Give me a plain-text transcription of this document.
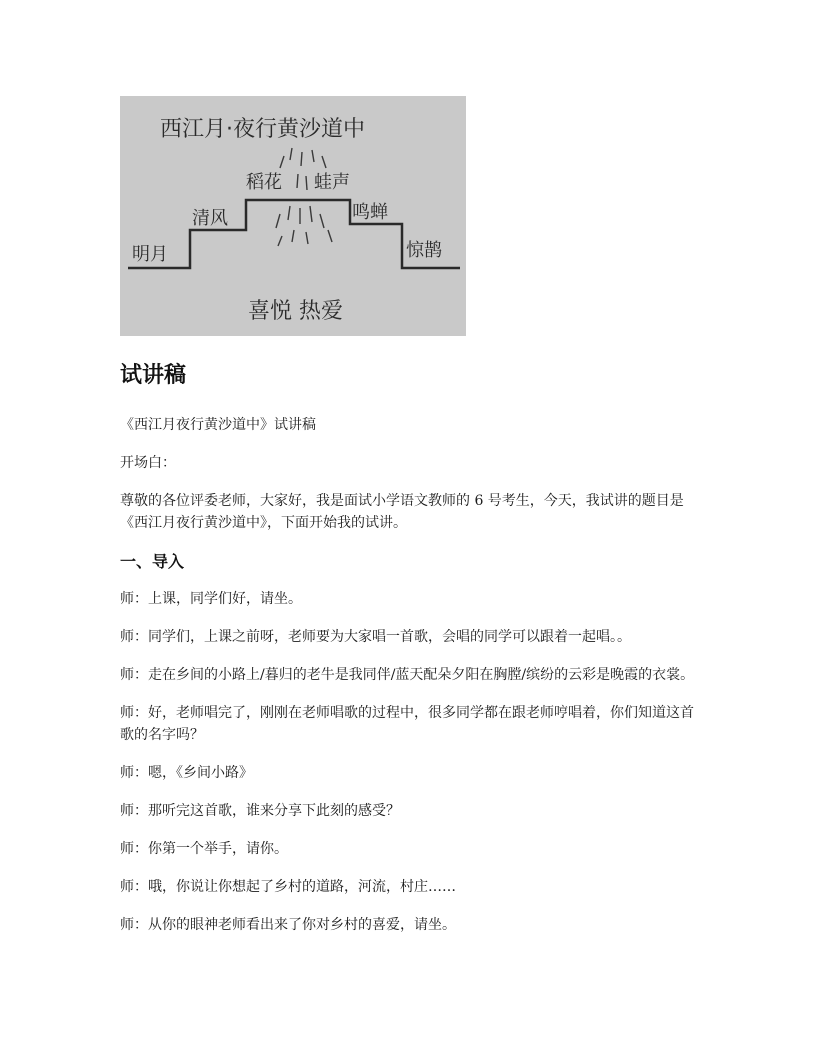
西江月·夜行黄沙道中
明月
清风
稻花 蛙声
鸣蝉
惊鹊
喜悦 热爱
试讲稿

《西江月夜行黄沙道中》试讲稿

开场白：

尊敬的各位评委老师，大家好，我是面试小学语文教师的 6 号考生，今天，我试讲的题目是《西江月夜行黄沙道中》，下面开始我的试讲。

一、导入

师：上课，同学们好，请坐。

师：同学们，上课之前呀，老师要为大家唱一首歌，会唱的同学可以跟着一起唱。。

师：走在乡间的小路上/暮归的老牛是我同伴/蓝天配朵夕阳在胸膛/缤纷的云彩是晚霞的衣裳。

师：好，老师唱完了，刚刚在老师唱歌的过程中，很多同学都在跟老师哼唱着，你们知道这首歌的名字吗？

师：嗯，《乡间小路》

师：那听完这首歌，谁来分享下此刻的感受？

师：你第一个举手，请你。

师：哦，你说让你想起了乡村的道路，河流，村庄……

师：从你的眼神老师看出来了你对乡村的喜爱，请坐。
